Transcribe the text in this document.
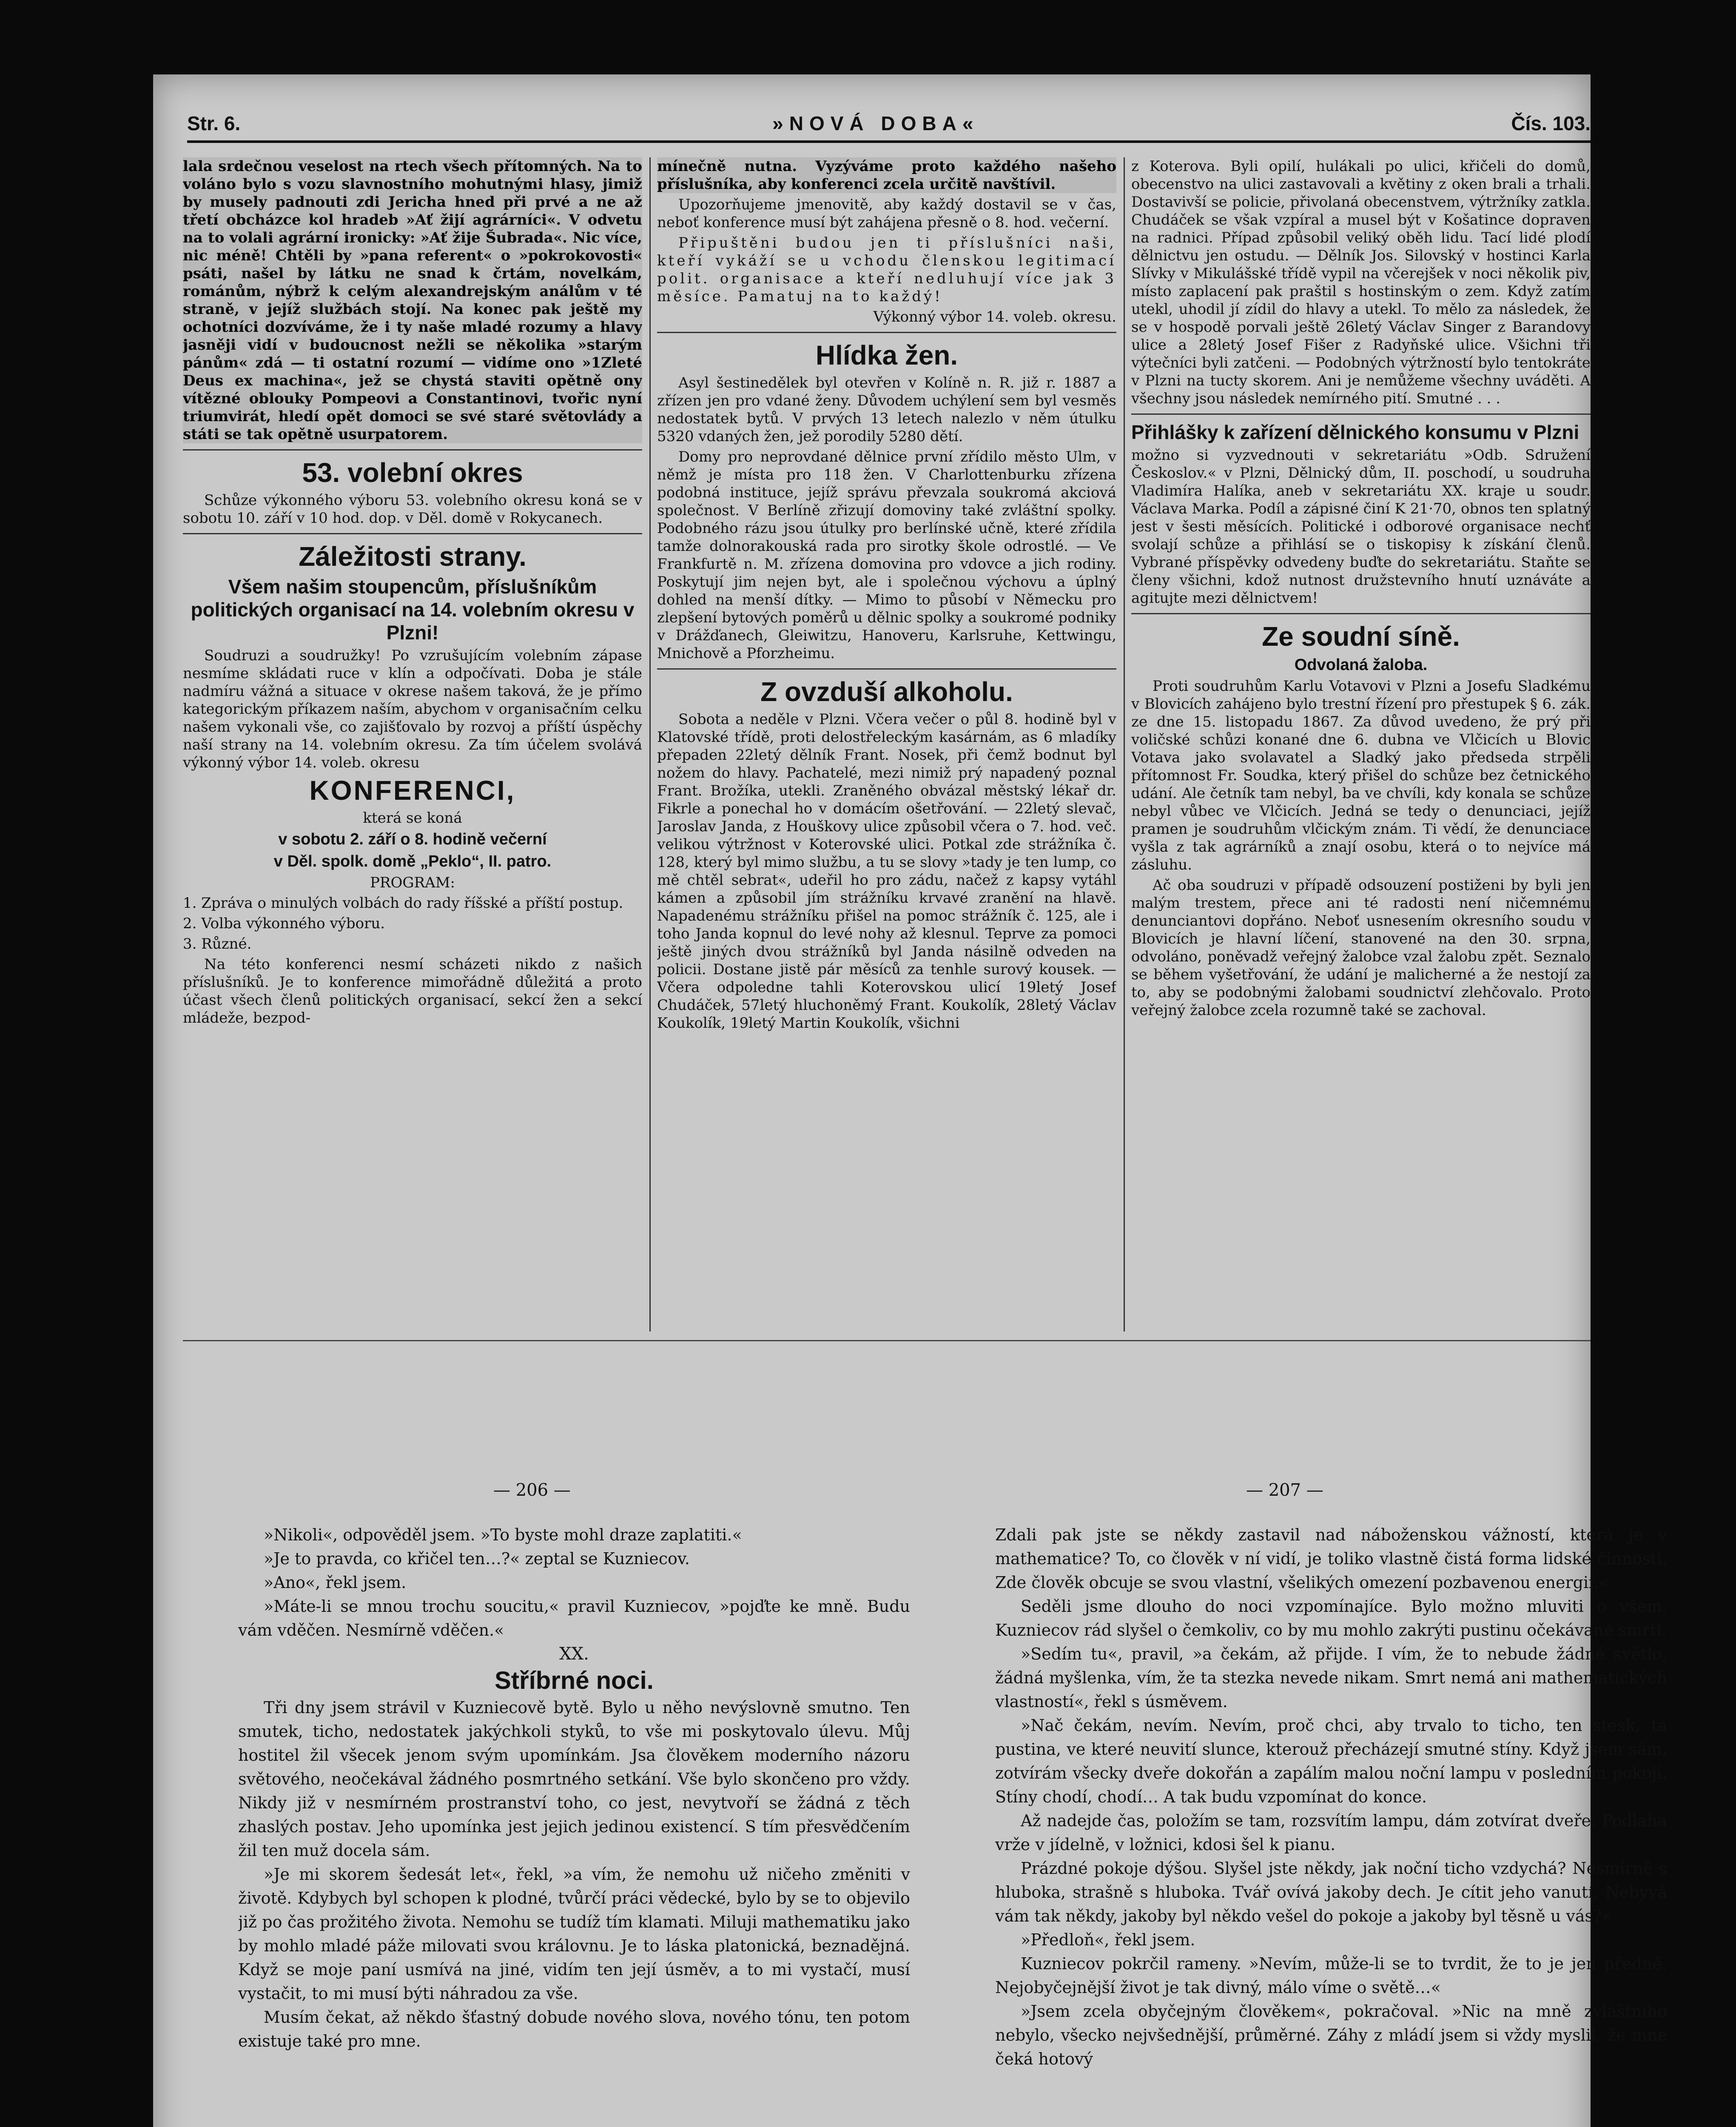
Str. 6.	»NOVÁ DOBA«	Čís. 103.

lala srdečnou veselost na rtech všech přítomných. Na to voláno bylo s vozu slavnostního mohutnými hlasy, jimiž by musely padnouti zdi Jericha hned při prvé a ne až třetí obcházce kol hradeb »Ať žijí agrárníci«. V odvetu na to volali agrární ironicky: »Ať žije Šubrada«. Nic více, nic méně! Chtěli by »pana referent« o »pokrokovosti« psáti, našel by látku ne snad k črtám, novelkám, románům, nýbrž k celým alexandrejským análům v té straně, v jejíž službách stojí. Na konec pak ještě my ochotníci dozvíváme, že i ty naše mladé rozumy a hlavy jasněji vidí v budoucnost nežli se několika »starým pánům« zdá — ti ostatní rozumí — vidíme ono »1Zleté Deus ex machina«, jež se chystá staviti opětně ony vítězné oblouky Pompeovi a Constantinovi, tvořic nyní triumvirát, hledí opět domoci se své staré světovlády a státi se tak opětně usurpatorem.

53. volební okres

Schůze výkonného výboru 53. volebního okresu koná se v sobotu 10. září v 10 hod. dop. v Děl. domě v Rokycanech.

Záležitosti strany.

Všem našim stoupencům, příslušníkům politických organisací na 14. volebním okresu v Plzni!

Soudruzi a soudružky! Po vzrušujícím volebním zápase nesmíme skládati ruce v klín a odpočívati. Doba je stále nadmíru vážná a situace v okrese našem taková, že je přímo kategorickým příkazem naším, abychom v organisačním celku našem vykonali vše, co zajišťovalo by rozvoj a příští úspěchy naší strany na 14. volebním okresu. Za tím účelem svolává výkonný výbor 14. voleb. okresu

KONFERENCI,

která se koná

v sobotu 2. září o 8. hodině večerní

v Děl. spolk. domě „Peklo“, II. patro.

PROGRAM:

1. Zpráva o minulých volbách do rady říšské a příští postup.

2. Volba výkonného výboru.

3. Různé.

Na této konferenci nesmí scházeti nikdo z našich příslušníků. Je to konference mimořádně důležitá a proto účast všech členů politických organisací, sekcí žen a sekcí mládeže, bezpod-

mínečně nutna. Vyzýváme proto každého našeho příslušníka, aby konferenci zcela určitě navštívil.

Upozorňujeme jmenovitě, aby každý dostavil se v čas, neboť konference musí být zahájena přesně o 8. hod. večerní.

Připuštěni budou jen ti příslušníci naši, kteří vykáží se u vchodu členskou legitimací polit. organisace a kteří nedluhují více jak 3 měsíce. Pamatuj na to každý!

Výkonný výbor 14. voleb. okresu.

Hlídka žen.

Asyl šestinedělek byl otevřen v Kolíně n. R. již r. 1887 a zřízen jen pro vdané ženy. Důvodem uchýlení sem byl vesměs nedostatek bytů. V prvých 13 letech nalezlo v něm útulku 5320 vdaných žen, jež porodily 5280 dětí.

Domy pro neprovdané dělnice první zřídilo město Ulm, v němž je místa pro 118 žen. V Charlottenburku zřízena podobná instituce, jejíž správu převzala soukromá akciová společnost. V Berlíně zřizují domoviny také zvláštní spolky. Podobného rázu jsou útulky pro berlínské učně, které zřídila tamže dolnorakouská rada pro sirotky škole odrostlé. — Ve Frankfurtě n. M. zřízena domovina pro vdovce a jich rodiny. Poskytují jim nejen byt, ale i společnou výchovu a úplný dohled na menší dítky. — Mimo to působí v Německu pro zlepšení bytových poměrů u dělnic spolky a soukromé podniky v Drážďanech, Gleiwitzu, Hanoveru, Karlsruhe, Kettwingu, Mnichově a Pforzheimu.

Z ovzduší alkoholu.

Sobota a neděle v Plzni. Včera večer o půl 8. hodině byl v Klatovské třídě, proti delostřeleckým kasárnám, as 6 mladíky přepaden 22letý dělník Frant. Nosek, při čemž bodnut byl nožem do hlavy. Pachatelé, mezi nimiž prý napadený poznal Frant. Brožíka, utekli. Zraněného obvázal městský lékař dr. Fikrle a ponechal ho v domácím ošetřování. — 22letý slevač, Jaroslav Janda, z Houškovy ulice způsobil včera o 7. hod. več. velikou výtržnost v Koterovské ulici. Potkal zde strážníka č. 128, který byl mimo službu, a tu se slovy »tady je ten lump, co mě chtěl sebrat«, udeřil ho pro zádu, načež z kapsy vytáhl kámen a způsobil jím strážníku krvavé zranění na hlavě. Napadenému strážníku přišel na pomoc strážník č. 125, ale i toho Janda kopnul do levé nohy až klesnul. Teprve za pomoci ještě jiných dvou strážníků byl Janda násilně odveden na policii. Dostane jistě pár měsíců za tenhle surový kousek. — Včera odpoledne tahli Koterovskou ulicí 19letý Josef Chudáček, 57letý hluchoněmý Frant. Koukolík, 28letý Václav Koukolík, 19letý Martin Koukolík, všichni

z Koterova. Byli opilí, hulákali po ulici, křičeli do domů, obecenstvo na ulici zastavovali a květiny z oken brali a trhali. Dostavivší se policie, přivolaná obecenstvem, výtržníky zatkla. Chudáček se však vzpíral a musel být v Košatince dopraven na radnici. Případ způsobil veliký oběh lidu. Tací lidé plodí dělnictvu jen ostudu. — Dělník Jos. Silovský v hostinci Karla Slívky v Mikulášské třídě vypil na včerejšek v noci několik piv, místo zaplacení pak praštil s hostinským o zem. Když zatím utekl, uhodil jí zídil do hlavy a utekl. To mělo za následek, že se v hospodě porvali ještě 26letý Václav Singer z Barandovy ulice a 28letý Josef Fišer z Radyňské ulice. Všichni tři výtečníci byli zatčeni. — Podobných výtržností bylo tentokráte v Plzni na tucty skorem. Ani je nemůžeme všechny uváděti. A všechny jsou následek nemírného pití. Smutné . . .

Přihlášky k zařízení dělnického konsumu v Plzni

možno si vyzvednouti v sekretariátu »Odb. Sdružení Českoslov.« v Plzni, Dělnický dům, II. poschodí, u soudruha Vladimíra Halíka, aneb v sekretariátu XX. kraje u soudr. Václava Marka. Podíl a zápisné činí K 21·70, obnos ten splatný jest v šesti měsících. Politické i odborové organisace nechť svolají schůze a přihlásí se o tiskopisy k získání členů. Vybrané příspěvky odvedeny buďte do sekretariátu. Staňte se členy všichni, kdož nutnost družstevního hnutí uznáváte a agitujte mezi dělnictvem!

Ze soudní síně.

Odvolaná žaloba.

Proti soudruhům Karlu Votavovi v Plzni a Josefu Sladkému v Blovicích zahájeno bylo trestní řízení pro přestupek § 6. zák. ze dne 15. listopadu 1867. Za důvod uvedeno, že prý při voličské schůzi konané dne 6. dubna ve Vlčicích u Blovic Votava jako svolavatel a Sladký jako předseda strpěli přítomnost Fr. Soudka, který přišel do schůze bez četnického udání. Ale četník tam nebyl, ba ve chvíli, kdy konala se schůze nebyl vůbec ve Vlčicích. Jedná se tedy o denunciaci, jejíž pramen je soudruhům vlčickým znám. Ti vědí, že denunciace vyšla z tak agrárníků a znají osobu, která o to nejvíce má zásluhu.

Ač oba soudruzi v případě odsouzení postiženi by byli jen malým trestem, přece ani té radosti není ničemnému denunciantovi dopřáno. Neboť usnesením okresního soudu v Blovicích je hlavní líčení, stanovené na den 30. srpna, odvoláno, poněvadž veřejný žalobce vzal žalobu zpět. Seznalo se během vyšetřování, že udání je malicherné a že nestojí za to, aby se podobnými žalobami soudnictví zlehčovalo. Proto veřejný žalobce zcela rozumně také se zachoval.

— 206 —	— 207 —

»Nikoli«, odpověděl jsem. »To byste mohl draze zaplatiti.«

»Je to pravda, co křičel ten…?« zeptal se Kuzniecov.

»Ano«, řekl jsem.

»Máte-li se mnou trochu soucitu,« pravil Kuzniecov, »pojďte ke mně. Budu vám vděčen. Nesmírně vděčen.«

XX.

Stříbrné noci.

Tři dny jsem strávil v Kuzniecově bytě. Bylo u něho nevýslovně smutno. Ten smutek, ticho, nedostatek jakýchkoli styků, to vše mi poskytovalo úlevu. Můj hostitel žil všecek jenom svým upomínkám. Jsa člověkem moderního názoru světového, neočekával žádného posmrtného setkání. Vše bylo skončeno pro vždy. Nikdy již v nesmírném prostranství toho, co jest, nevytvoří se žádná z těch zhaslých postav. Jeho upomínka jest jejich jedinou existencí. S tím přesvědčením žil ten muž docela sám.

»Je mi skorem šedesát let«, řekl, »a vím, že nemohu už ničeho změniti v životě. Kdybych byl schopen k plodné, tvůrčí práci vědecké, bylo by se to objevilo již po čas prožitého života. Nemohu se tudíž tím klamati. Miluji mathematiku jako by mohlo mladé páže milovati svou královnu. Je to láska platonická, beznadějná. Když se moje paní usmívá na jiné, vidím ten její úsměv, a to mi vystačí, musí vystačit, to mi musí býti náhradou za vše.

Musím čekat, až někdo šťastný dobude nového slova, nového tónu, ten potom existuje také pro mne.

Zdali pak jste se někdy zastavil nad náboženskou vážností, která je v mathematice? To, co člověk v ní vidí, je toliko vlastně čistá forma lidské činnosti. Zde člověk obcuje se svou vlastní, všelikých omezení pozbavenou energií.«

Seděli jsme dlouho do noci vzpomínajíce. Bylo možno mluviti o všem. Kuzniecov rád slyšel o čemkoliv, co by mu mohlo zakrýti pustinu očekávané smrti.

»Sedím tu«, pravil, »a čekám, až přijde. I vím, že to nebude žádné světlo, žádná myšlenka, vím, že ta stezka nevede nikam. Smrt nemá ani mathematických vlastností«, řekl s úsměvem.

»Nač čekám, nevím. Nevím, proč chci, aby trvalo to ticho, ten stesk, ta pustina, ve které neuvití slunce, kterouž přecházejí smutné stíny. Když jsem sám, zotvírám všecky dveře dokořán a zapálím malou noční lampu v posledním pokoji. Stíny chodí, chodí… A tak budu vzpomínat do konce.

Až nadejde čas, položím se tam, rozsvítím lampu, dám zotvírat dveře. Podlaha vrže v jídelně, v ložnici, kdosi šel k pianu.

Prázdné pokoje dýšou. Slyšel jste někdy, jak noční ticho vzdychá? Nesmírně s hluboka, strašně s hluboka. Tvář ovívá jakoby dech. Je cítit jeho vanutí. Nebyvá vám tak někdy, jakoby byl někdo vešel do pokoje a jakoby byl těsně u vás?«

»Předloň«, řekl jsem.

Kuzniecov pokrčil rameny. »Nevím, může-li se to tvrdit, že to je jen předně. Nejobyčejnější život je tak divný, málo víme o světě…«

»Jsem zcela obyčejným člověkem«, pokračoval. »Nic na mně zvláštního nebylo, všecko nejvšednější, průměrné. Záhy z mládí jsem si vždy myslil, že mne čeká hotový
